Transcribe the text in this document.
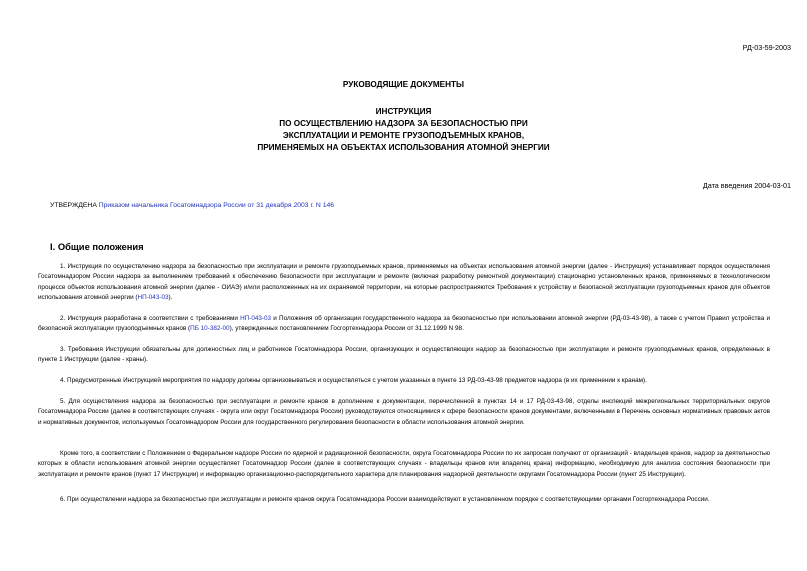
РД-03-59-2003
РУКОВОДЯЩИЕ ДОКУМЕНТЫ
ИНСТРУКЦИЯ
ПО ОСУЩЕСТВЛЕНИЮ НАДЗОРА ЗА БЕЗОПАСНОСТЬЮ ПРИ
ЭКСПЛУАТАЦИИ И РЕМОНТЕ ГРУЗОПОДЪЕМНЫХ КРАНОВ,
ПРИМЕНЯЕМЫХ НА ОБЪЕКТАХ ИСПОЛЬЗОВАНИЯ АТОМНОЙ ЭНЕРГИИ
Дата введения 2004-03-01
УТВЕРЖДЕНА Приказом начальника Госатомнадзора России от 31 декабря 2003 г. N 146
I. Общие положения

1. Инструкция по осуществлению надзора за безопасностью при эксплуатации и ремонте грузоподъемных кранов, применяемых на объектах использования атомной энергии (далее - Инструкция) устанавливает порядок осуществления Госатомнадзором России надзора за выполнением требований к обеспечению безопасности при эксплуатации и ремонте (включая разработку ремонтной документации) стационарно установленных кранов, применяемых в технологическом процессе объектов использования атомной энергии (далее - ОИАЭ) и/или расположенных на их охраняемой территории, на которые распространяются Требования к устройству и безопасной эксплуатации грузоподъемных кранов для объектов использования атомной энергии (НП-043-03).

2. Инструкция разработана в соответствии с требованиями НП-043-03 и Положения об организации государственного надзора за безопасностью при использовании атомной энергии (РД-03-43-98), а также с учетом Правил устройства и безопасной эксплуатации грузоподъемных кранов (ПБ 10-382-00), утвержденных постановлением Госгортехнадзора России от 31.12.1999 N 98.

3. Требования Инструкции обязательны для должностных лиц и работников Госатомнадзора России, организующих и осуществляющих надзор за безопасностью при эксплуатации и ремонте грузоподъемных кранов, определенных в пункте 1 Инструкции (далее - краны).

4. Предусмотренные Инструкцией мероприятия по надзору должны организовываться и осуществляться с учетом указанных в пункте 13 РД-03-43-98 предметов надзора (в их применении к кранам).

5. Для осуществления надзора за безопасностью при эксплуатации и ремонте кранов в дополнение к документации, перечисленной в пунктах 14 и 17 РД-03-43-98, отделы инспекций межрегиональных территориальных округов Госатомнадзора России (далее в соответствующих случаях - округа или округ Госатомнадзора России) руководствуются относящимися к сфере безопасности кранов документами, включенными в Перечень основных нормативных правовых актов и нормативных документов, используемых Госатомнадзором России для государственного регулирования безопасности в области использования атомной энергии.

Кроме того, в соответствии с Положением о Федеральном надзоре России по ядерной и радиационной безопасности, округа Госатомнадзора России по их запросам получают от организаций - владельцев кранов, надзор за деятельностью которых в области использования атомной энергии осуществляет Госатомнадзор России (далее в соответствующих случаях - владельцы кранов или владелец крана) информацию, необходимую для анализа состояния безопасности при эксплуатации и ремонте кранов (пункт 17 Инструкции) и информацию организационно-распорядительного характера для планирования надзорной деятельности округами Госатомнадзора России (пункт 25 Инструкции).

6. При осуществлении надзора за безопасностью при эксплуатации и ремонте кранов округа Госатомнадзора России взаимодействуют в установленном порядке с соответствующими органами Госгортехнадзора России.
